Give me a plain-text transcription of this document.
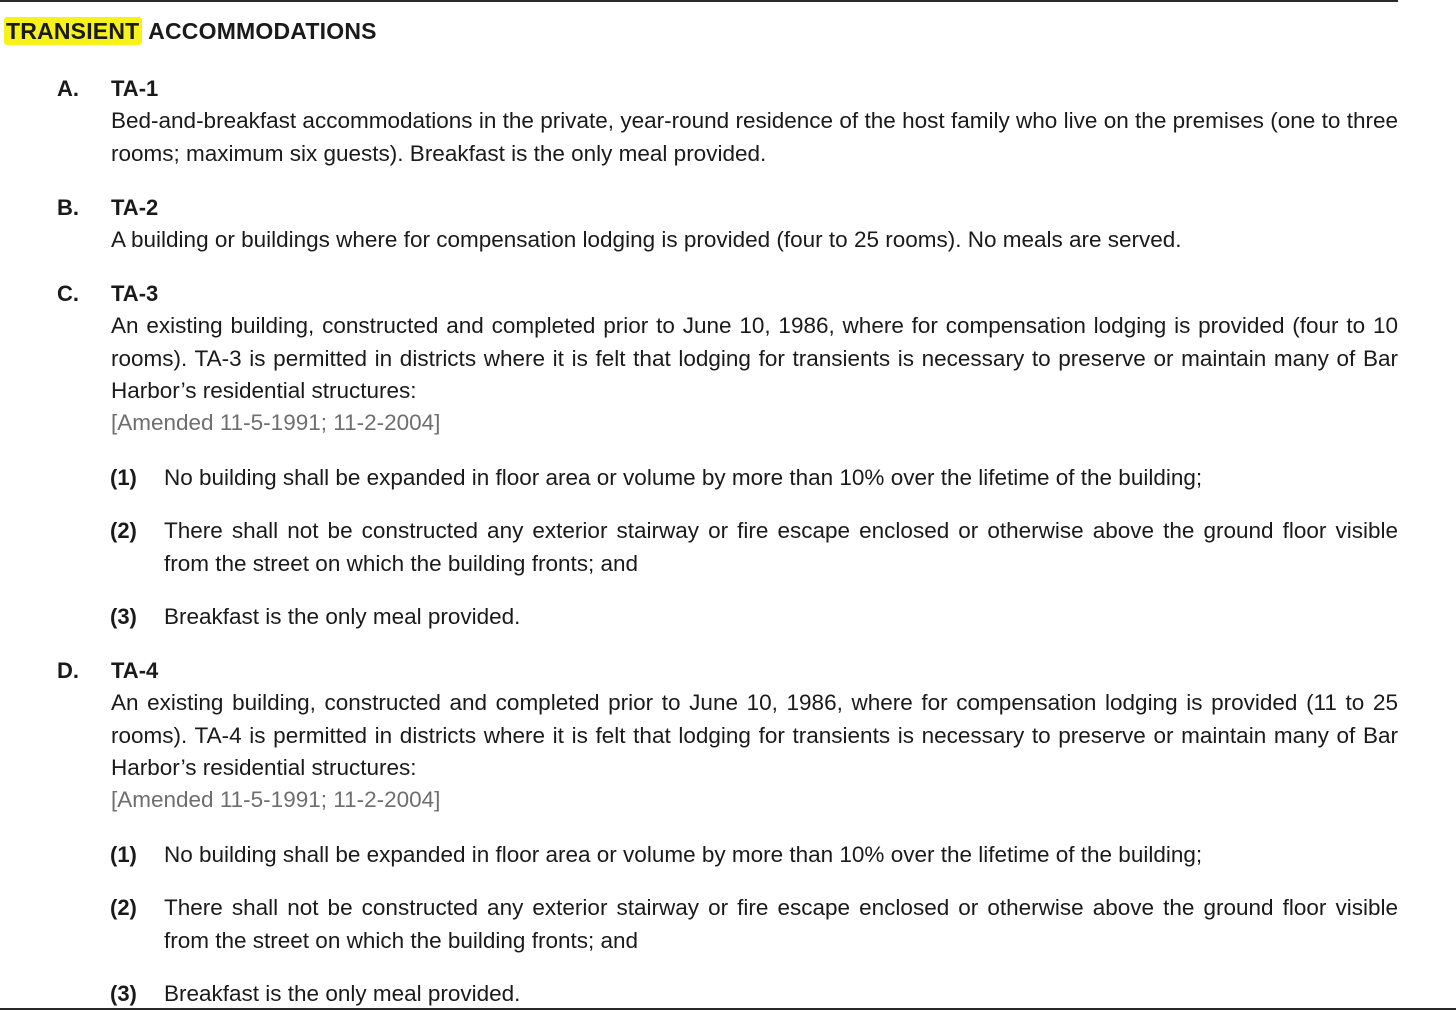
TRANSIENT ACCOMMODATIONS
A. TA-1
Bed-and-breakfast accommodations in the private, year-round residence of the host family who live on the premises (one to three rooms; maximum six guests). Breakfast is the only meal provided.
B. TA-2
A building or buildings where for compensation lodging is provided (four to 25 rooms). No meals are served.
C. TA-3
An existing building, constructed and completed prior to June 10, 1986, where for compensation lodging is provided (four to 10 rooms). TA-3 is permitted in districts where it is felt that lodging for transients is necessary to preserve or maintain many of Bar Harbor’s residential structures:
[Amended 11-5-1991; 11-2-2004]
(1) No building shall be expanded in floor area or volume by more than 10% over the lifetime of the building;
(2) There shall not be constructed any exterior stairway or fire escape enclosed or otherwise above the ground floor visible from the street on which the building fronts; and
(3) Breakfast is the only meal provided.
D. TA-4
An existing building, constructed and completed prior to June 10, 1986, where for compensation lodging is provided (11 to 25 rooms). TA-4 is permitted in districts where it is felt that lodging for transients is necessary to preserve or maintain many of Bar Harbor’s residential structures:
[Amended 11-5-1991; 11-2-2004]
(1) No building shall be expanded in floor area or volume by more than 10% over the lifetime of the building;
(2) There shall not be constructed any exterior stairway or fire escape enclosed or otherwise above the ground floor visible from the street on which the building fronts; and
(3) Breakfast is the only meal provided.
